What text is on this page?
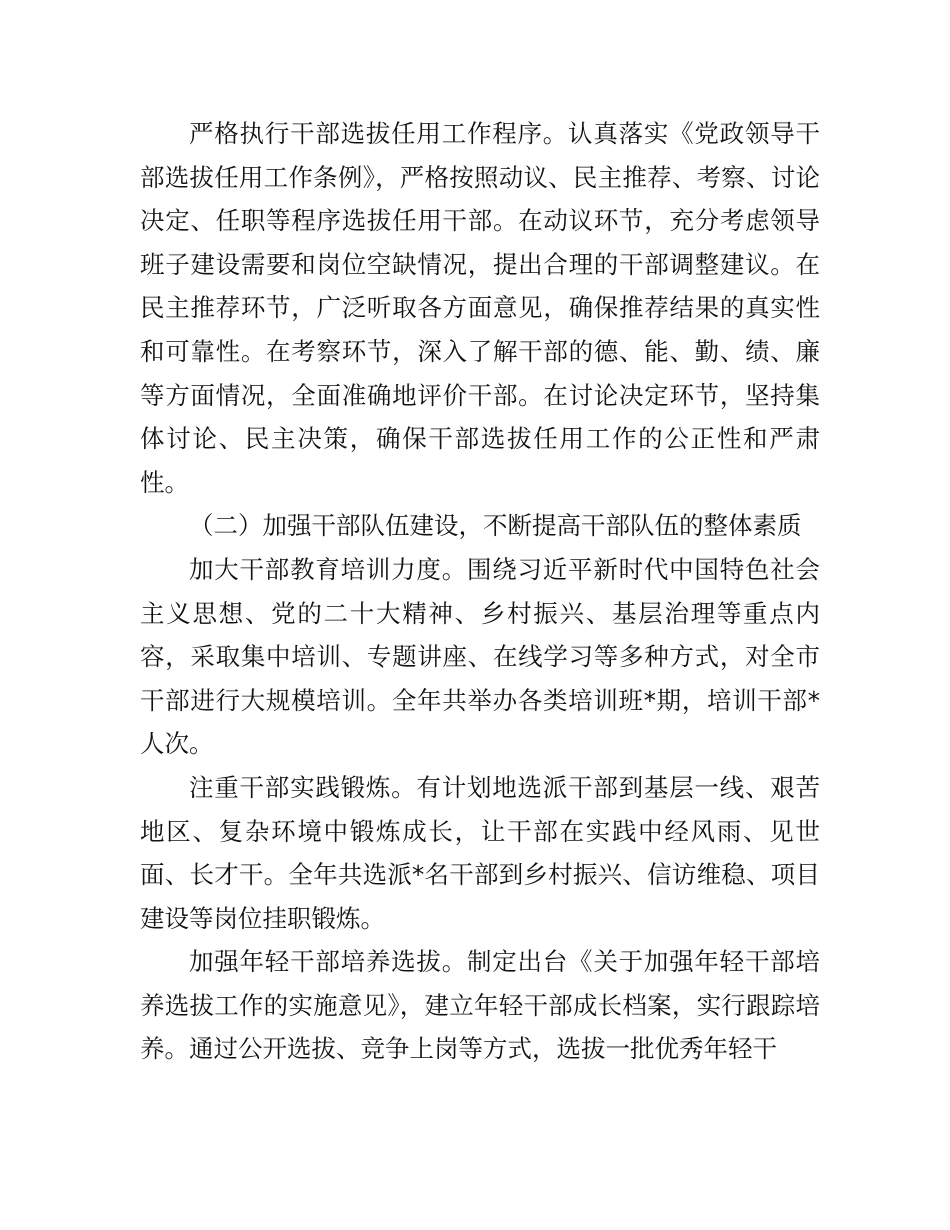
严格执行干部选拔任用工作程序。认真落实《党政领导干部选拔任用工作条例》，严格按照动议、民主推荐、考察、讨论决定、任职等程序选拔任用干部。在动议环节，充分考虑领导班子建设需要和岗位空缺情况，提出合理的干部调整建议。在民主推荐环节，广泛听取各方面意见，确保推荐结果的真实性和可靠性。在考察环节，深入了解干部的德、能、勤、绩、廉等方面情况，全面准确地评价干部。在讨论决定环节，坚持集体讨论、民主决策，确保干部选拔任用工作的公正性和严肃性。

（二）加强干部队伍建设，不断提高干部队伍的整体素质

加大干部教育培训力度。围绕习近平新时代中国特色社会主义思想、党的二十大精神、乡村振兴、基层治理等重点内容，采取集中培训、专题讲座、在线学习等多种方式，对全市干部进行大规模培训。全年共举办各类培训班*期，培训干部*人次。

注重干部实践锻炼。有计划地选派干部到基层一线、艰苦地区、复杂环境中锻炼成长，让干部在实践中经风雨、见世面、长才干。全年共选派*名干部到乡村振兴、信访维稳、项目建设等岗位挂职锻炼。

加强年轻干部培养选拔。制定出台《关于加强年轻干部培养选拔工作的实施意见》，建立年轻干部成长档案，实行跟踪培养。通过公开选拔、竞争上岗等方式，选拔一批优秀年轻干
